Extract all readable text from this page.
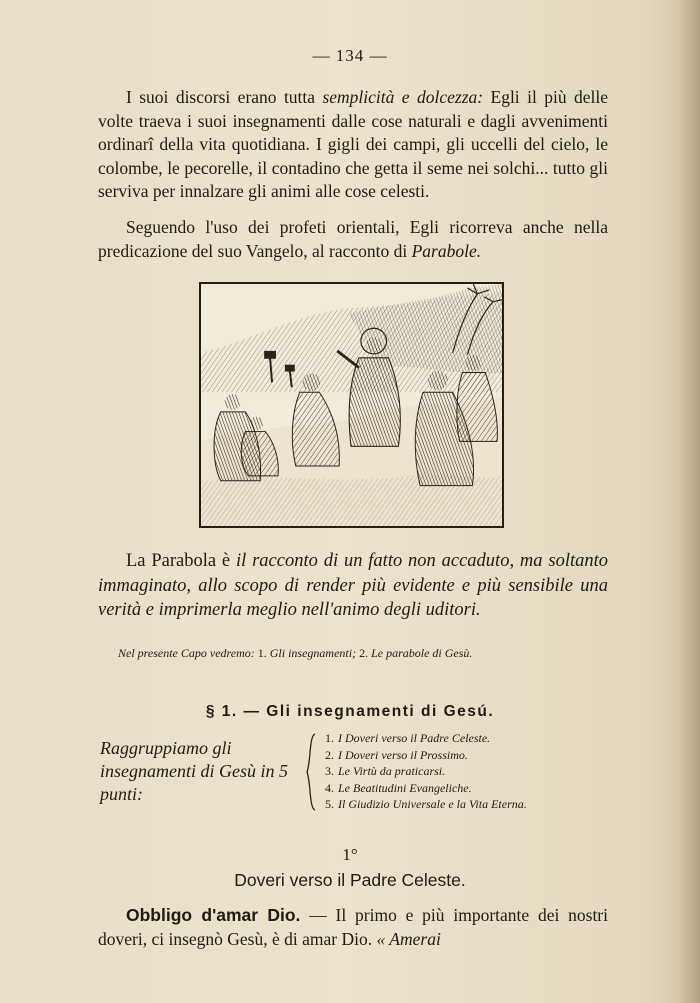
— 134 —
I suoi discorsi erano tutta semplicità e dolcezza: Egli il più delle volte traeva i suoi insegnamenti dalle cose naturali e dagli avvenimenti ordinarî della vita quotidiana. I gigli dei campi, gli uccelli del cielo, le colombe, le pecorelle, il contadino che getta il seme nei solchi... tutto gli serviva per innalzare gli animi alle cose celesti.
Seguendo l'uso dei profeti orientali, Egli ricorreva anche nella predicazione del suo Vangelo, al racconto di Parabole.
La Parabola è il racconto di un fatto non accaduto, ma soltanto immaginato, allo scopo di render più evidente e più sensibile una verità e imprimerla meglio nell'animo degli uditori.
Nel presente Capo vedremo: 1. Gli insegnamenti; 2. Le parabole di Gesù.
§ 1. — Gli insegnamenti di Gesú.
Raggruppiamo gli insegnamenti di Gesù in 5 punti:
1. I Doveri verso il Padre Celeste.
2. I Doveri verso il Prossimo.
3. Le Virtù da praticarsi.
4. Le Beatitudini Evangeliche.
5. Il Giudizio Universale e la Vita Eterna.
1°
Doveri verso il Padre Celeste.
Obbligo d'amar Dio. — Il primo e più importante dei nostri doveri, ci insegnò Gesù, è di amar Dio. « Amerai
